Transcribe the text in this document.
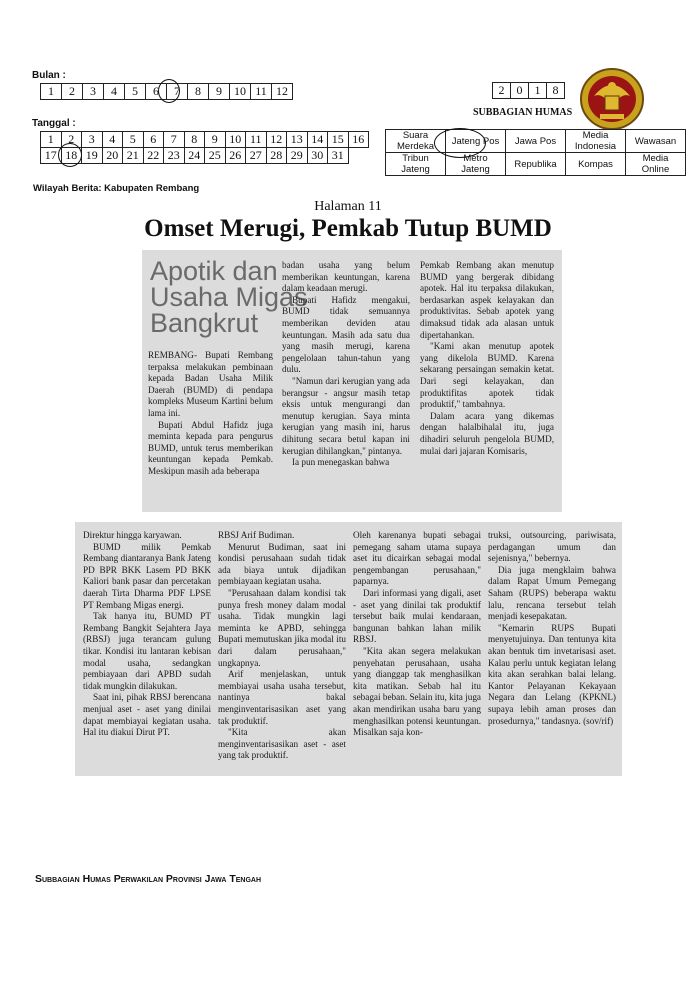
Bulan :
1	2	3	4	5	6	7	8	9	10	11	12
Tanggal :
1	2	3	4	5	6	7	8	9	10	11	12	13	14	15	16
17	18	19	20	21	22	23	24	25	26	27	28	29	30	31	
Wilayah Berita: Kabupaten Rembang
2	0	1	8
SUBBAGIAN HUMAS
Suara Merdeka	Jateng Pos	Jawa Pos	Media Indonesia	Wawasan
Tribun Jateng	Metro Jateng	Republika	Kompas	Media Online
Halaman 11
Omset Merugi, Pemkab Tutup BUMD
Apotik dan
Usaha Migas
Bangkrut

REMBANG- Bupati Rembang terpaksa melakukan pembinaan kepada Badan Usaha Milik Daerah (BUMD) di pendapa kompleks Museum Kartini belum lama ini.

Bupati Abdul Hafidz juga meminta kepada para pengurus BUMD, untuk terus memberikan keuntungan kepada Pemkab. Meskipun masih ada beberapa

badan usaha yang belum memberikan keuntungan, karena dalam keadaan merugi.

Bupati Hafidz mengakui, BUMD tidak semuannya memberikan deviden atau keuntungan. Masih ada satu dua yang masih merugi, karena pengelolaan tahun-tahun yang dulu.

"Namun dari kerugian yang ada berangsur - angsur masih tetap eksis untuk mengurangi dan menutup kerugian. Saya minta kerugian yang masih ini, harus dihitung secara betul kapan ini kerugian dihilangkan," pintanya.

Ia pun menegaskan bahwa

Pemkab Rembang akan menutup BUMD yang bergerak dibidang apotek. Hal itu terpaksa dilakukan, berdasarkan aspek kelayakan dan produktivitas. Sebab apotek yang dimaksud tidak ada alasan untuk dipertahankan.

"Kami akan menutup apotek yang dikelola BUMD. Karena sekarang persaingan semakin ketat. Dari segi kelayakan, dan produktifitas apotek tidak produktif," tambahnya.

Dalam acara yang dikemas dengan halalbihalal itu, juga dihadiri seluruh pengelola BUMD, mulai dari jajaran Komisaris,

Direktur hingga karyawan.

BUMD milik Pemkab Rembang diantaranya Bank Jateng PD BPR BKK Lasem PD BKK Kaliori bank pasar dan percetakan daerah Tirta Dharma PDF LPSE PT Rembang Migas energi.

Tak hanya itu, BUMD PT Rembang Bangkit Sejahtera Jaya (RBSJ) juga terancam gulung tikar. Kondisi itu lantaran kebisan modal usaha, sedangkan pembiayaan dari APBD sudah tidak mungkin dilakukan.

Saat ini, pihak RBSJ berencana menjual aset - aset yang dinilai dapat membiayai kegiatan usaha. Hal itu diakui Dirut PT.

RBSJ Arif Budiman.

Menurut Budiman, saat ini kondisi perusahaan sudah tidak ada biaya untuk dijadikan pembiayaan kegiatan usaha.

"Perusahaan dalam kondisi tak punya fresh money dalam modal usaha. Tidak mungkin lagi meminta ke APBD, sehingga Bupati memutuskan jika modal itu dari dalam perusahaan," ungkapnya.

Arif menjelaskan, untuk membiayai usaha usaha tersebut, nantinya bakal menginventarisasikan aset yang tak produktif.

"Kita akan menginventarisasikan aset - aset yang tak produktif.

Oleh karenanya bupati sebagai pemegang saham utama supaya aset itu dicairkan sebagai modal pengembangan perusahaan," paparnya.

Dari informasi yang digali, aset - aset yang dinilai tak produktif tersebut baik mulai kendaraan, bangunan bahkan lahan milik RBSJ.

"Kita akan segera melakukan penyehatan perusahaan, usaha yang dianggap tak menghasilkan kita matikan. Sebab hal itu sebagai beban. Selain itu, kita juga akan mendirikan usaha baru yang menghasilkan potensi keuntungan. Misalkan saja kon-

truksi, outsourcing, pariwisata, perdagangan umum dan sejenisnya," bebernya.

Dia juga mengklaim bahwa dalam Rapat Umum Pemegang Saham (RUPS) beberapa waktu lalu, rencana tersebut telah menjadi kesepakatan.

"Kemarin RUPS Bupati menyetujuinya. Dan tentunya kita akan bentuk tim invetarisasi aset. Kalau perlu untuk kegiatan lelang kita akan serahkan balai lelang. Kantor Pelayanan Kekayaan Negara dan Lelang (KPKNL) supaya lebih aman proses dan prosedurnya," tandasnya. (sov/rif)

Subbagian Humas Perwakilan Provinsi Jawa Tengah
